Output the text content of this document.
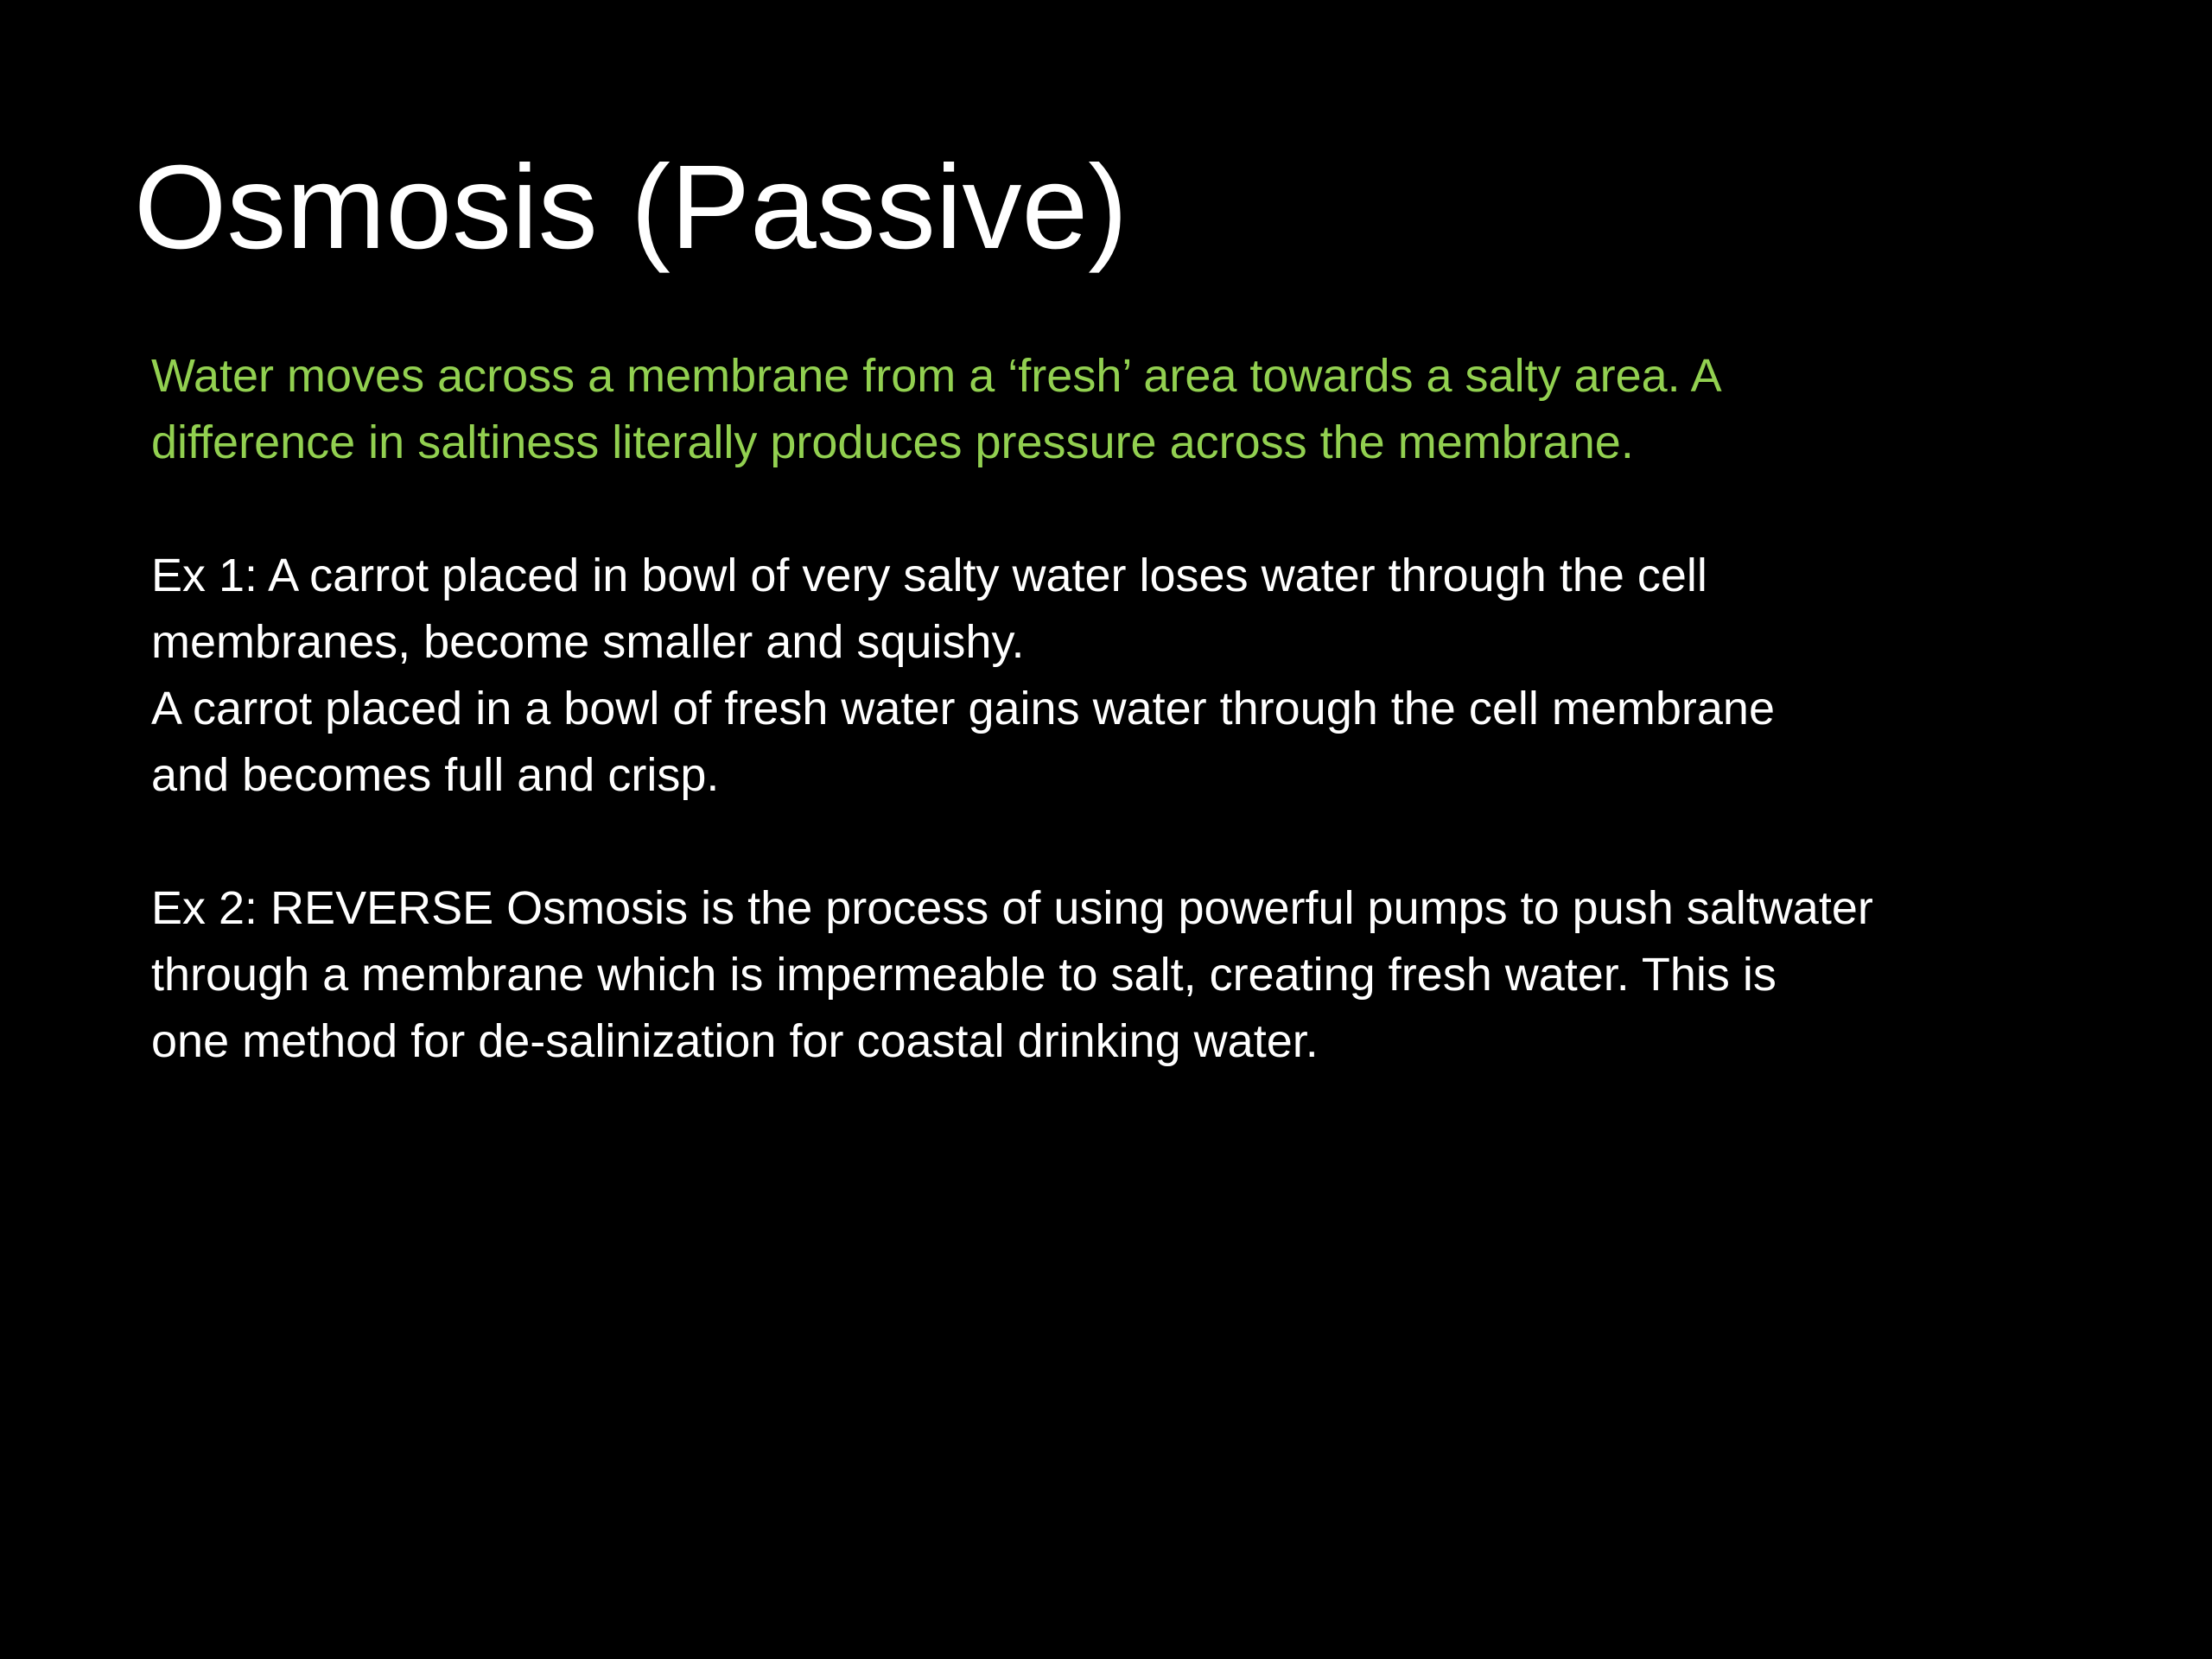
Osmosis (Passive)

Water moves across a membrane from a ‘fresh’ area towards a salty area. A

difference in saltiness literally produces pressure across the membrane.

Ex 1: A carrot placed in bowl of very salty water loses water through the cell

membranes, become smaller and squishy.

A carrot placed in a bowl of fresh water gains water through the cell membrane

and becomes full and crisp.

Ex 2: REVERSE Osmosis is the process of using powerful pumps to push saltwater

through a membrane which is impermeable to salt, creating fresh water. This is

one method for de-salinization for coastal drinking water.
